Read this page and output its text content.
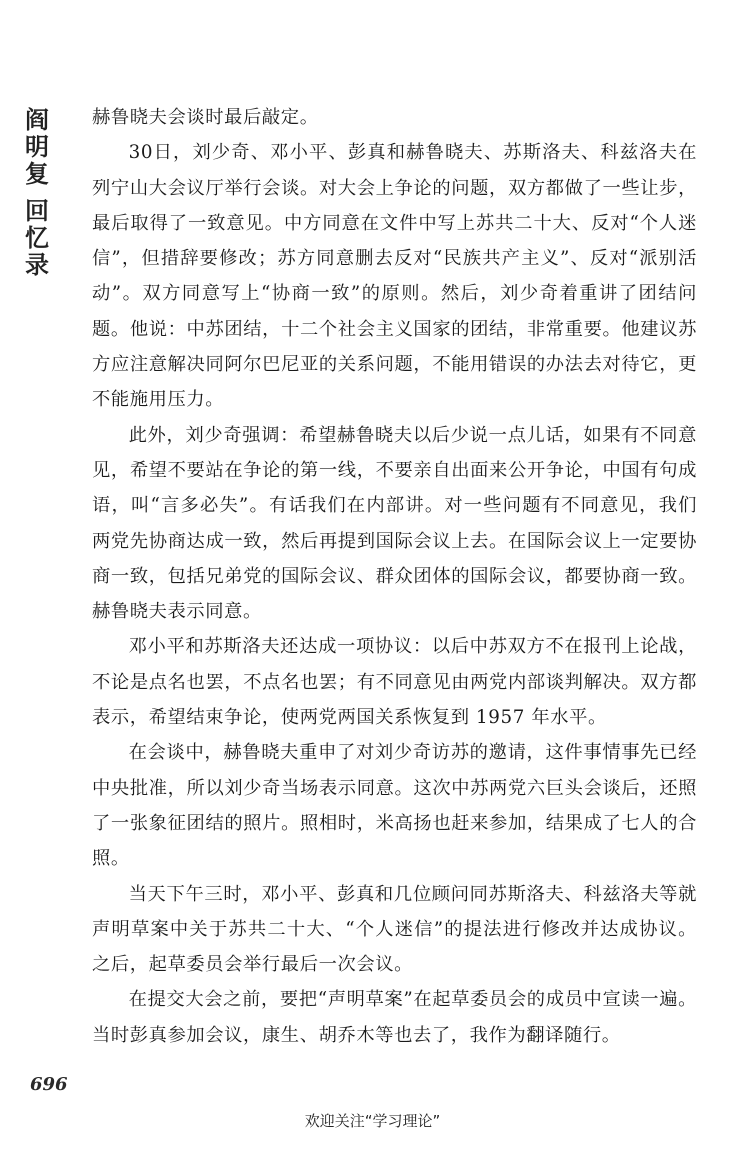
阎
明
复
回
忆
录

赫鲁晓夫会谈时最后敲定。

30日，刘少奇、邓小平、彭真和赫鲁晓夫、苏斯洛夫、科兹洛夫在列宁山大会议厅举行会谈。对大会上争论的问题，双方都做了一些让步，最后取得了一致意见。中方同意在文件中写上苏共二十大、反对“个人迷信”，但措辞要修改；苏方同意删去反对“民族共产主义”、反对“派别活动”。双方同意写上“协商一致”的原则。然后，刘少奇着重讲了团结问题。他说：中苏团结，十二个社会主义国家的团结，非常重要。他建议苏方应注意解决同阿尔巴尼亚的关系问题，不能用错误的办法去对待它，更不能施用压力。

此外，刘少奇强调：希望赫鲁晓夫以后少说一点儿话，如果有不同意见，希望不要站在争论的第一线，不要亲自出面来公开争论，中国有句成语，叫“言多必失”。有话我们在内部讲。对一些问题有不同意见，我们两党先协商达成一致，然后再提到国际会议上去。在国际会议上一定要协商一致，包括兄弟党的国际会议、群众团体的国际会议，都要协商一致。赫鲁晓夫表示同意。

邓小平和苏斯洛夫还达成一项协议：以后中苏双方不在报刊上论战，不论是点名也罢，不点名也罢；有不同意见由两党内部谈判解决。双方都表示，希望结束争论，使两党两国关系恢复到 1957 年水平。

在会谈中，赫鲁晓夫重申了对刘少奇访苏的邀请，这件事情事先已经中央批准，所以刘少奇当场表示同意。这次中苏两党六巨头会谈后，还照了一张象征团结的照片。照相时，米高扬也赶来参加，结果成了七人的合照。

当天下午三时，邓小平、彭真和几位顾问同苏斯洛夫、科兹洛夫等就声明草案中关于苏共二十大、“个人迷信”的提法进行修改并达成协议。之后，起草委员会举行最后一次会议。

在提交大会之前，要把“声明草案”在起草委员会的成员中宣读一遍。当时彭真参加会议，康生、胡乔木等也去了，我作为翻译随行。

696
欢迎关注“学习理论”
